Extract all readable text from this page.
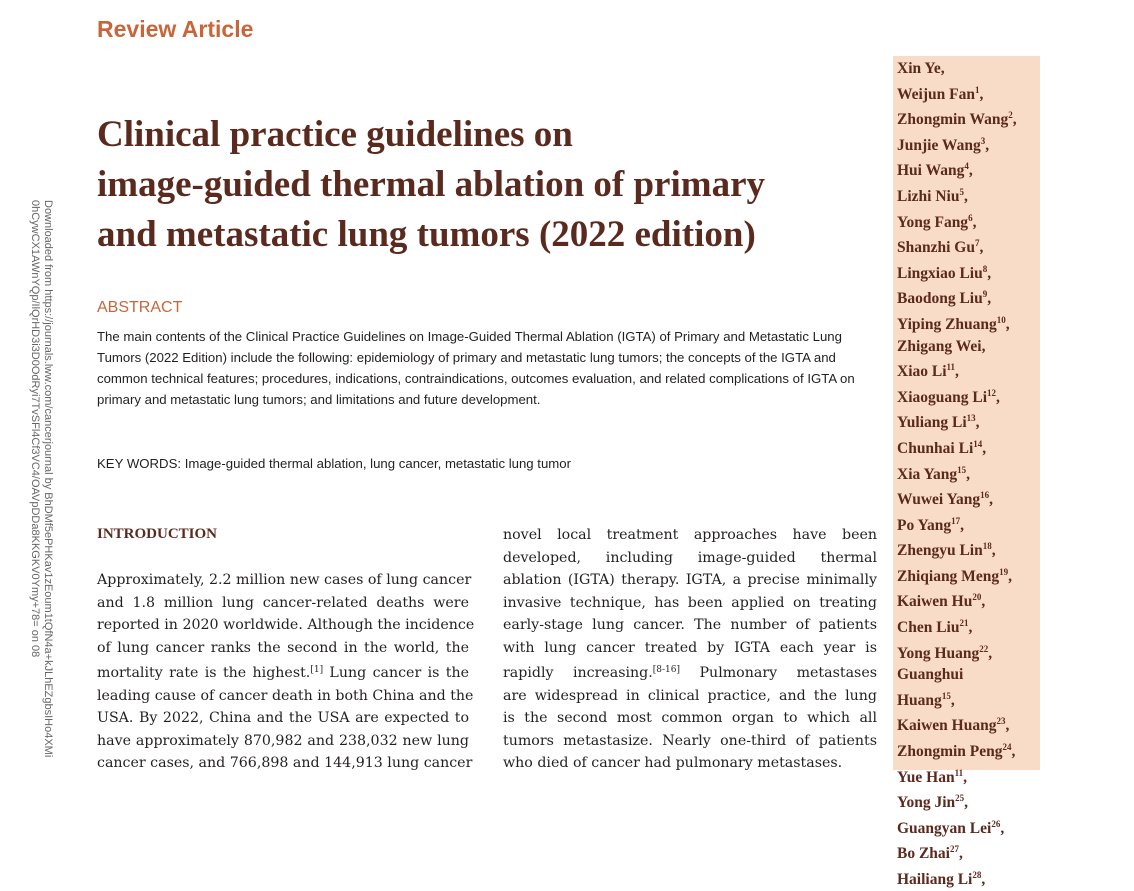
Downloaded from https://journals.lww.com/cancerjournal by BhDMf5ePHKav1zEoum1tQfN4a+kJLhEZgbsIHo4XMi
0hCywCX1AWnYQp/IlQrHD3i3D0OdRyi7TvSFl4Cf3VC4/OAVpDDa8KKGKV0Ymy+78= on 08
Review Article
Clinical practice guidelines on
image-guided thermal ablation of primary
and metastatic lung tumors (2022 edition)
ABSTRACT
The main contents of the Clinical Practice Guidelines on Image-Guided Thermal Ablation (IGTA) of Primary and Metastatic Lung
Tumors (2022 Edition) include the following: epidemiology of primary and metastatic lung tumors; the concepts of the IGTA and
common technical features; procedures, indications, contraindications, outcomes evaluation, and related complications of IGTA on
primary and metastatic lung tumors; and limitations and future development.
KEY WORDS: Image-guided thermal ablation, lung cancer, metastatic lung tumor
INTRODUCTION
Approximately, 2.2 million new cases of lung cancer
and 1.8 million lung cancer-related deaths were
reported in 2020 worldwide. Although the incidence
of lung cancer ranks the second in the world, the
mortality rate is the highest.[1] Lung cancer is the
leading cause of cancer death in both China and the
USA. By 2022, China and the USA are expected to
have approximately 870,982 and 238,032 new lung
cancer cases, and 766,898 and 144,913 lung cancer
novel local treatment approaches have been
developed, including image-guided thermal
ablation (IGTA) therapy. IGTA, a precise minimally
invasive technique, has been applied on treating
early-stage lung cancer. The number of patients
with lung cancer treated by IGTA each year is
rapidly increasing.[8-16] Pulmonary metastases
are widespread in clinical practice, and the lung
is the second most common organ to which all
tumors metastasize. Nearly one-third of patients
who died of cancer had pulmonary metastases.
Xin Ye,
Weijun Fan$^1$,
Zhongmin Wang$^2$,
Junjie Wang$^3$,
Hui Wang$^4$,
Lizhi Niu$^5$,
Yong Fang$^6$,
Shanzhi Gu$^7$,
Lingxiao Liu$^8$,
Baodong Liu$^9$,
Yiping Zhuang$^{10}$,
Zhigang Wei,
Xiao Li$^{11}$,
Xiaoguang Li$^{12}$,
Yuliang Li$^{13}$,
Chunhai Li$^{14}$,
Xia Yang$^{15}$,
Wuwei Yang$^{16}$,
Po Yang$^{17}$,
Zhengyu Lin$^{18}$,
Zhiqiang Meng$^{19}$,
Kaiwen Hu$^{20}$,
Chen Liu$^{21}$,
Yong Huang$^{22}$,
Guanghui
Huang$^{15}$,
Kaiwen Huang$^{23}$,
Zhongmin Peng$^{24}$,
Yue Han$^{11}$,
Yong Jin$^{25}$,
Guangyan Lei$^{26}$,
Bo Zhai$^{27}$,
Hailiang Li$^{28}$,
